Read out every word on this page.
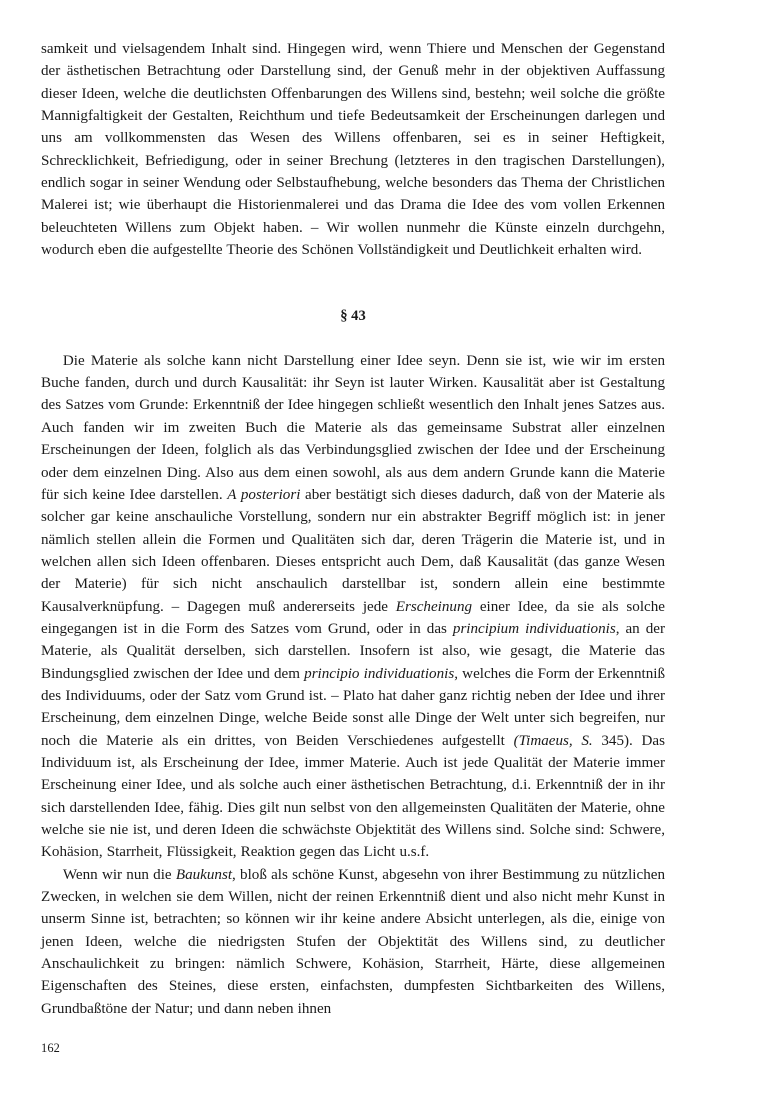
samkeit und vielsagendem Inhalt sind. Hingegen wird, wenn Thiere und Menschen der Gegenstand der ästhetischen Betrachtung oder Darstellung sind, der Genuß mehr in der objektiven Auffassung dieser Ideen, welche die deutlichsten Offenbarungen des Willens sind, bestehn; weil solche die größte Mannigfaltigkeit der Gestalten, Reichthum und tiefe Bedeutsamkeit der Erscheinungen darlegen und uns am vollkommensten das Wesen des Willens offenbaren, sei es in seiner Heftigkeit, Schrecklichkeit, Befriedigung, oder in seiner Brechung (letzteres in den tragischen Darstellungen), endlich sogar in seiner Wendung oder Selbstaufhebung, welche besonders das Thema der Christlichen Malerei ist; wie überhaupt die Historienmalerei und das Drama die Idee des vom vollen Erkennen beleuchteten Willens zum Objekt haben. – Wir wollen nunmehr die Künste einzeln durchgehn, wodurch eben die aufgestellte Theorie des Schönen Vollständigkeit und Deutlichkeit erhalten wird.

§ 43

Die Materie als solche kann nicht Darstellung einer Idee seyn. Denn sie ist, wie wir im ersten Buche fanden, durch und durch Kausalität: ihr Seyn ist lauter Wirken. Kausalität aber ist Gestaltung des Satzes vom Grunde: Erkenntniß der Idee hingegen schließt wesentlich den Inhalt jenes Satzes aus. Auch fanden wir im zweiten Buch die Materie als das gemeinsame Substrat aller einzelnen Erscheinungen der Ideen, folglich als das Verbindungsglied zwischen der Idee und der Erscheinung oder dem einzelnen Ding. Also aus dem einen sowohl, als aus dem andern Grunde kann die Materie für sich keine Idee darstellen. A posteriori aber bestätigt sich dieses dadurch, daß von der Materie als solcher gar keine anschauliche Vorstellung, sondern nur ein abstrakter Begriff möglich ist: in jener nämlich stellen allein die Formen und Qualitäten sich dar, deren Trägerin die Materie ist, und in welchen allen sich Ideen offenbaren. Dieses entspricht auch Dem, daß Kausalität (das ganze Wesen der Materie) für sich nicht anschaulich darstellbar ist, sondern allein eine bestimmte Kausalverknüpfung. – Dagegen muß andererseits jede Erscheinung einer Idee, da sie als solche eingegangen ist in die Form des Satzes vom Grund, oder in das principium individuationis, an der Materie, als Qualität derselben, sich darstellen. Insofern ist also, wie gesagt, die Materie das Bindungsglied zwischen der Idee und dem principio individuationis, welches die Form der Erkenntniß des Individuums, oder der Satz vom Grund ist. – Plato hat daher ganz richtig neben der Idee und ihrer Erscheinung, dem einzelnen Dinge, welche Beide sonst alle Dinge der Welt unter sich begreifen, nur noch die Materie als ein drittes, von Beiden Verschiedenes aufgestellt (Timaeus, S. 345). Das Individuum ist, als Erscheinung der Idee, immer Materie. Auch ist jede Qualität der Materie immer Erscheinung einer Idee, und als solche auch einer ästhetischen Betrachtung, d.i. Erkenntniß der in ihr sich darstellenden Idee, fähig. Dies gilt nun selbst von den allgemeinsten Qualitäten der Materie, ohne welche sie nie ist, und deren Ideen die schwächste Objektität des Willens sind. Solche sind: Schwere, Kohäsion, Starrheit, Flüssigkeit, Reaktion gegen das Licht u.s.f.

Wenn wir nun die Baukunst, bloß als schöne Kunst, abgesehn von ihrer Bestimmung zu nützlichen Zwecken, in welchen sie dem Willen, nicht der reinen Erkenntniß dient und also nicht mehr Kunst in unserm Sinne ist, betrachten; so können wir ihr keine andere Absicht unterlegen, als die, einige von jenen Ideen, welche die niedrigsten Stufen der Objektität des Willens sind, zu deutlicher Anschaulichkeit zu bringen: nämlich Schwere, Kohäsion, Starrheit, Härte, diese allgemeinen Eigenschaften des Steines, diese ersten, einfachsten, dumpfesten Sichtbarkeiten des Willens, Grundbaßtöne der Natur; und dann neben ihnen

162
